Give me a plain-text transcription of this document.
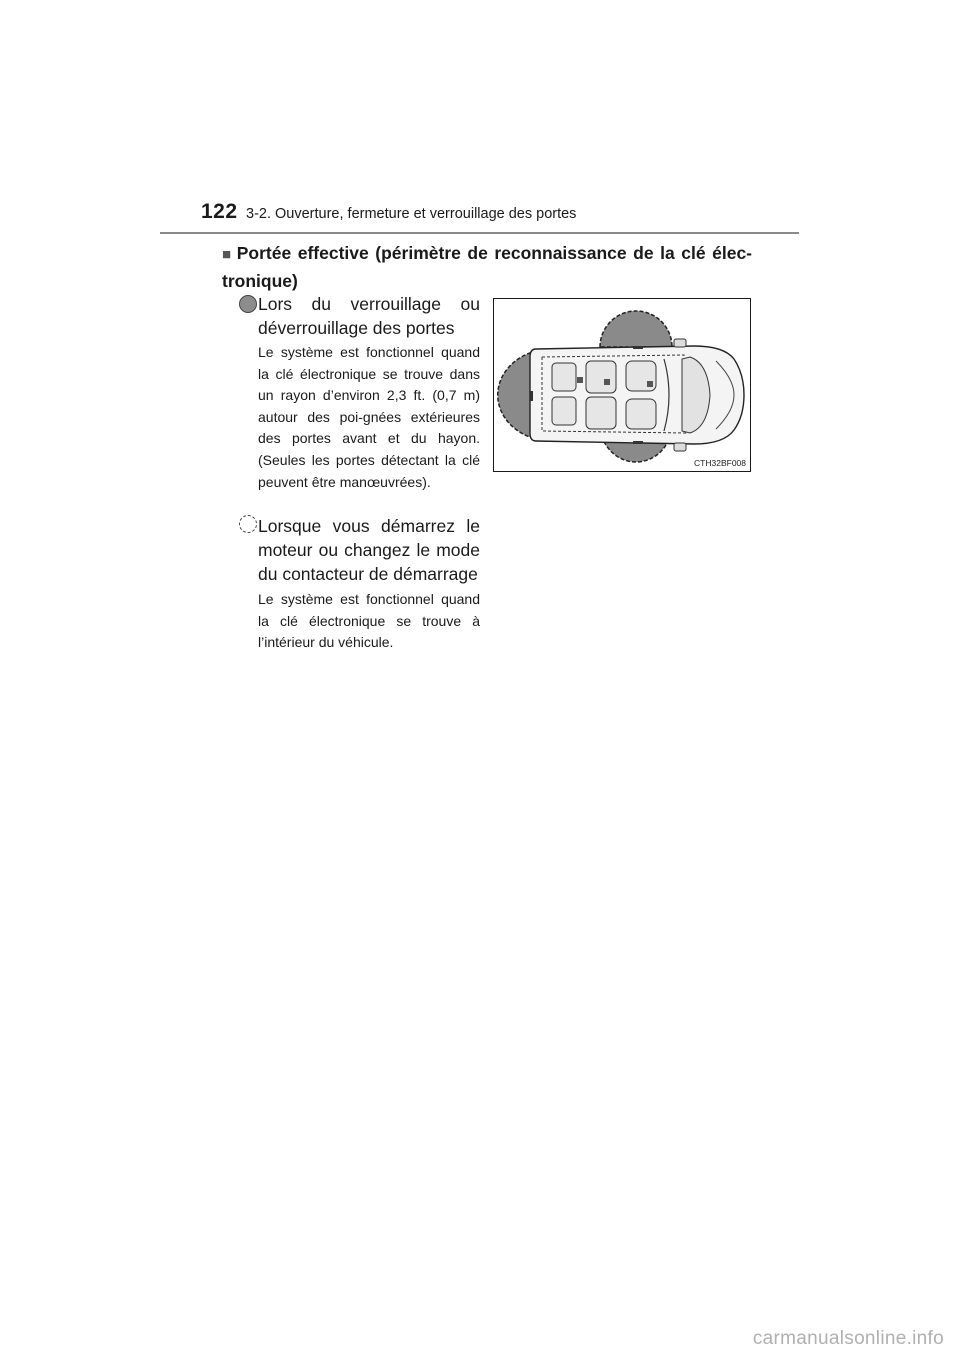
122 3-2. Ouverture, fermeture et verrouillage des portes
■ Portée effective (périmètre de reconnaissance de la clé élec-tronique)
Lors du verrouillage ou déverrouillage des portes
Le système est fonctionnel quand la clé électronique se trouve dans un rayon d’environ 2,3 ft. (0,7 m) autour des poi-gnées extérieures des portes avant et du hayon. (Seules les portes détectant la clé peuvent être manœuvrées).
Lorsque vous démarrez le moteur ou changez le mode du contacteur de démarrage
Le système est fonctionnel quand la clé électronique se trouve à l’intérieur du véhicule.
CTH32BF008
carmanualsonline.info
